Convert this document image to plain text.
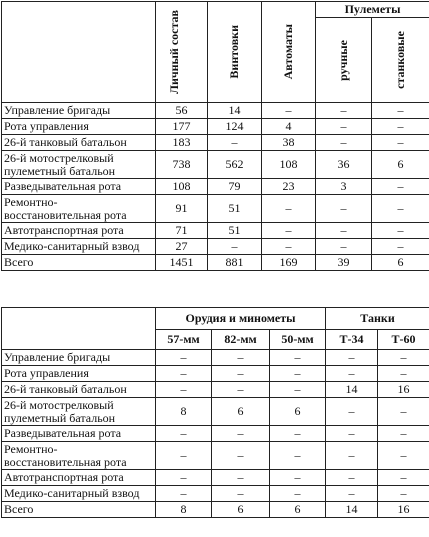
	Личный состав	Винтовки	Автоматы	Пулеметы	

				ручные	станковые

Управление бригады	56	14	–	–	–
Рота управления	177	124	4	–	–
26-й танковый батальон	183	–	38	–	–
26-й мотострелковый пулеметный батальон	738	562	108	36	6
Разведывательная рота	108	79	23	3	–
Ремонтно-восстановительная рота	91	51	–	–	–
Автотранспортная рота	71	51	–	–	–
Медико-санитарный взвод	27	–	–	–	–
Всего	1451	881	169	39	6
	Орудия и минометы			Танки	
	57-мм	82-мм	50-мм	Т-34	Т-60
Управление бригады	–	–	–	–	–
Рота управления	–	–	–	–	–
26-й танковый батальон	–	–	–	14	16
26-й мотострелковый пулеметный батальон	8	6	6	–	–
Разведывательная рота	–	–	–	–	–
Ремонтно-восстановительная рота	–	–	–	–	–
Автотранспортная рота	–	–	–	–	–
Медико-санитарный взвод	–	–	–	–	–
Всего	8	6	6	14	16
